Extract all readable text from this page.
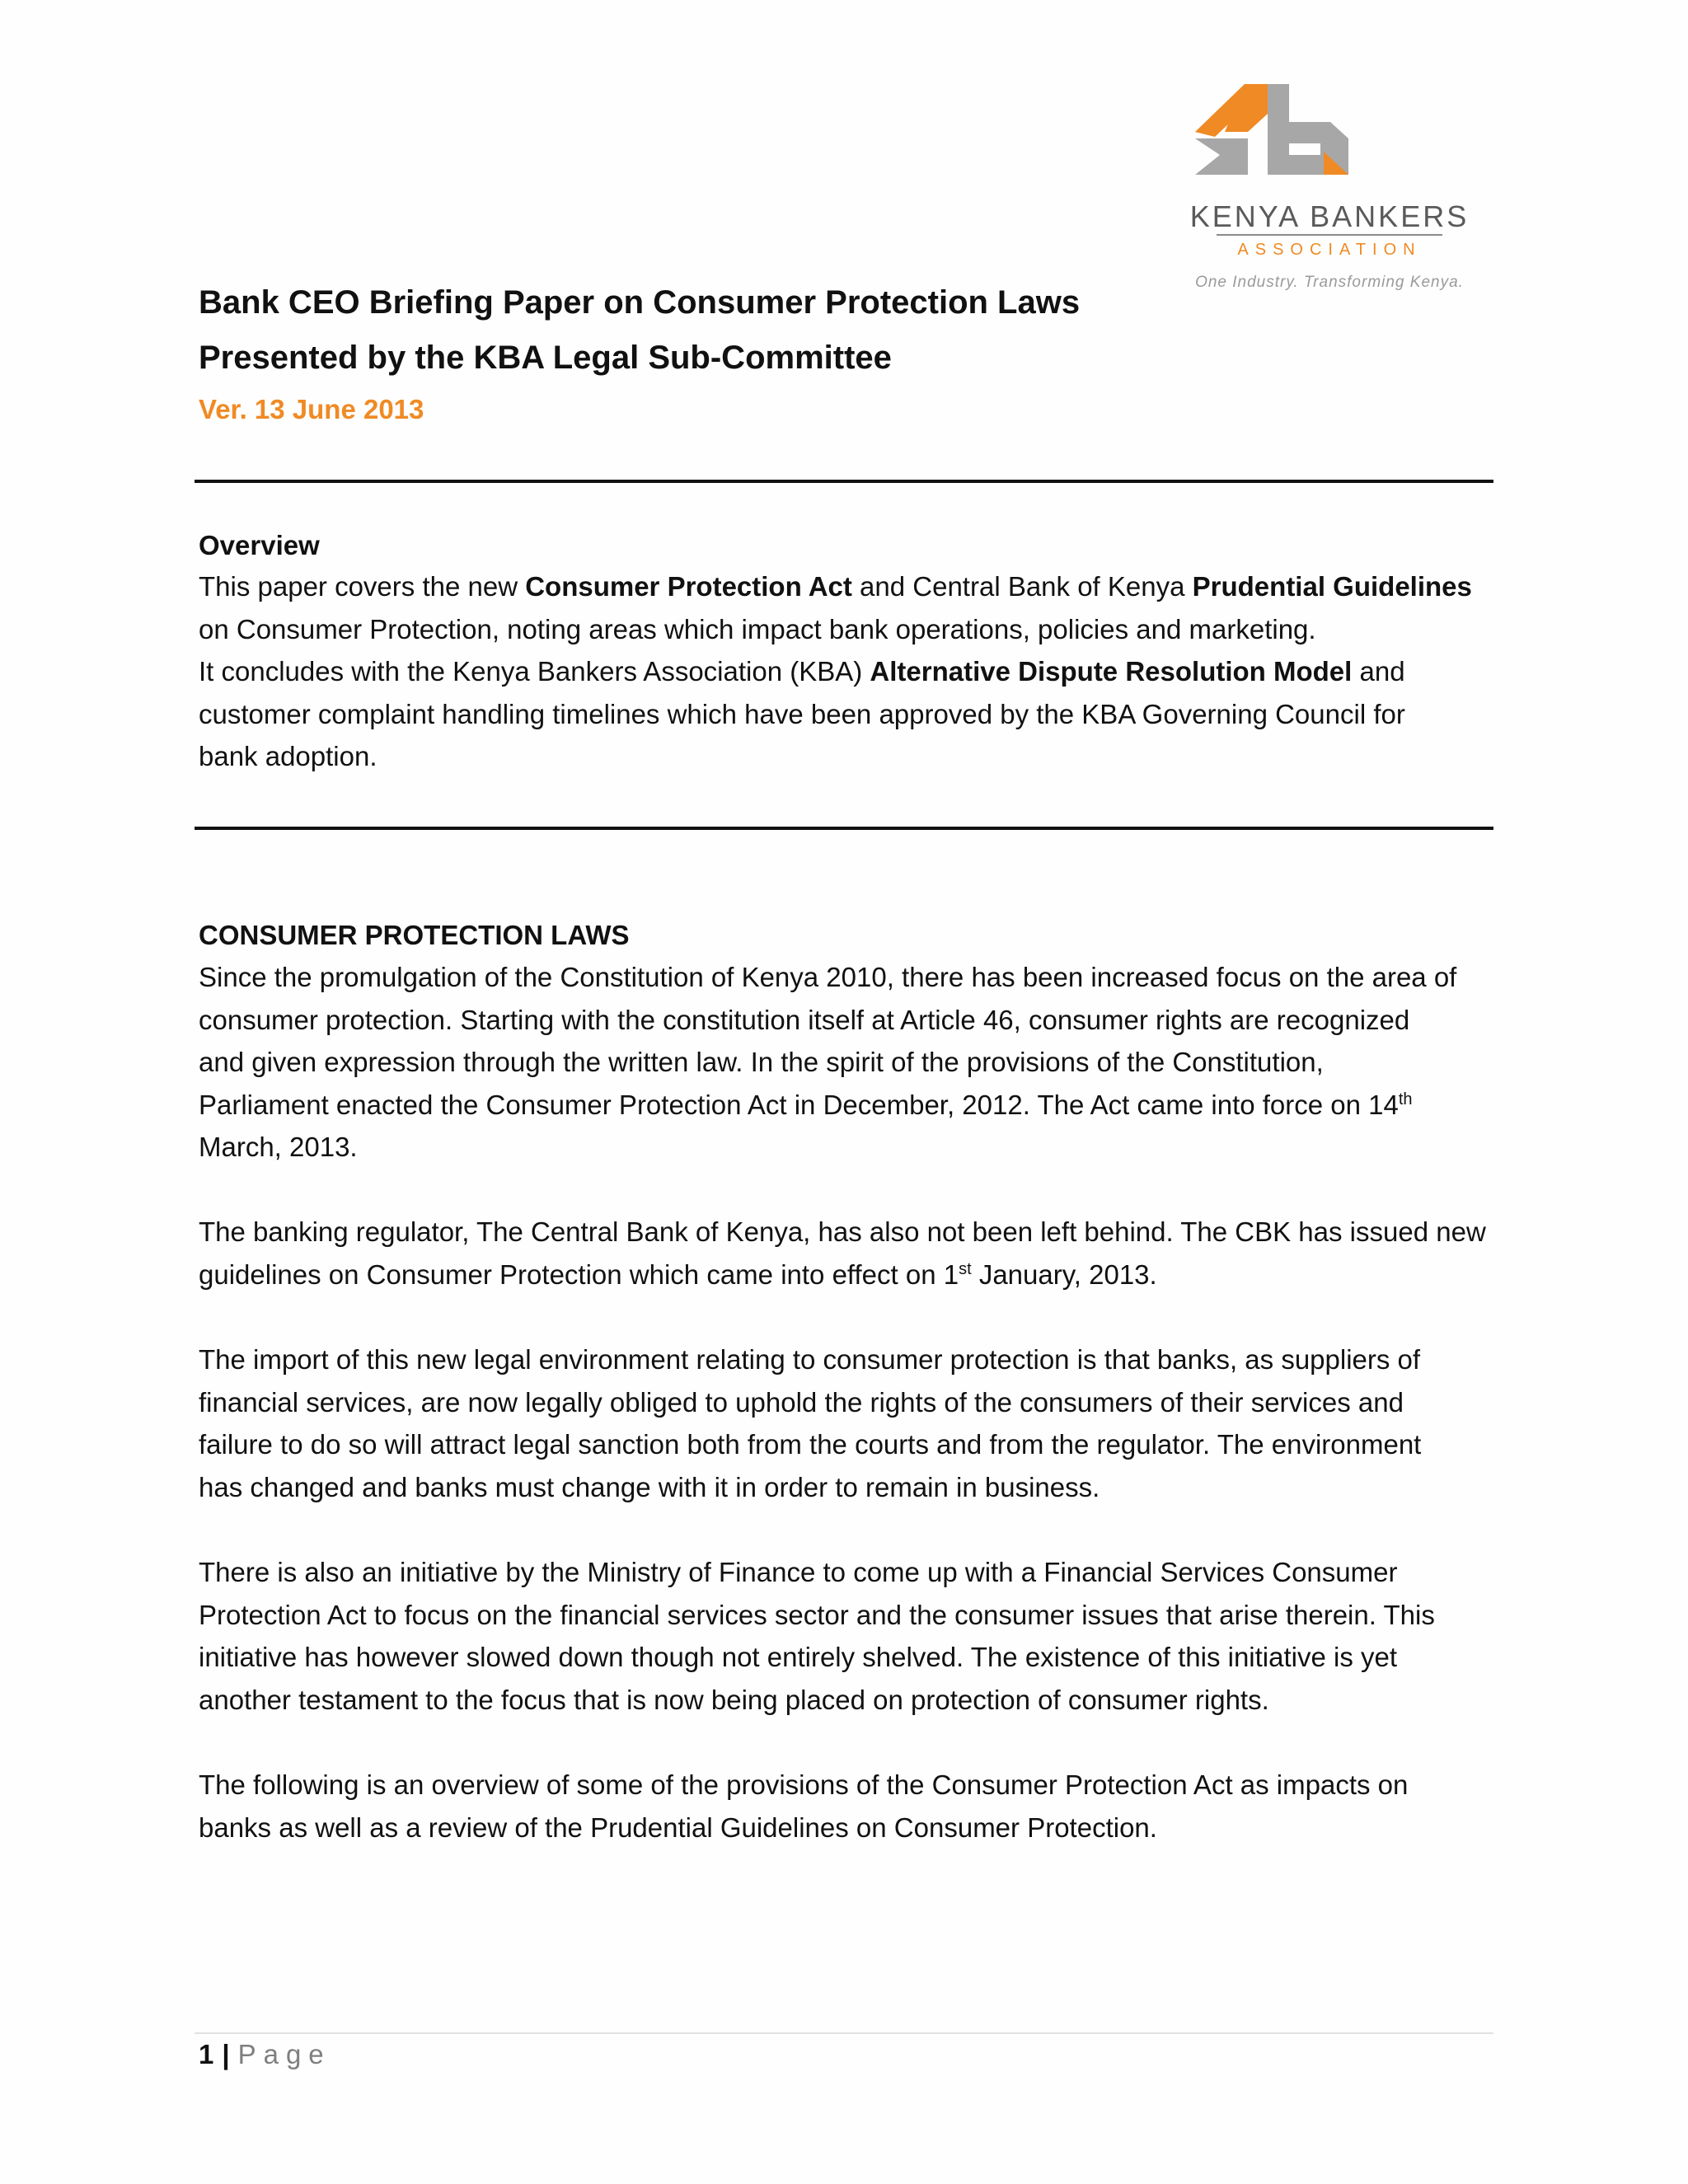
KENYA BANKERS
ASSOCIATION
One Industry. Transforming Kenya.
Bank CEO Briefing Paper on Consumer Protection Laws
Presented by the KBA Legal Sub-Committee
Ver. 13 June 2013
Overview
This paper covers the new Consumer Protection Act and Central Bank of Kenya Prudential Guidelines
on Consumer Protection, noting areas which impact bank operations, policies and marketing.
It concludes with the Kenya Bankers Association (KBA) Alternative Dispute Resolution Model and
customer complaint handling timelines which have been approved by the KBA Governing Council for
bank adoption.
CONSUMER PROTECTION LAWS
Since the promulgation of the Constitution of Kenya 2010, there has been increased focus on the area of
consumer protection. Starting with the constitution itself at Article 46, consumer rights are recognized
and given expression through the written law. In the spirit of the provisions of the Constitution,
Parliament enacted the Consumer Protection Act in December, 2012. The Act came into force on 14th
March, 2013.
The banking regulator, The Central Bank of Kenya, has also not been left behind. The CBK has issued new
guidelines on Consumer Protection which came into effect on 1st January, 2013.
The import of this new legal environment relating to consumer protection is that banks, as suppliers of
financial services, are now legally obliged to uphold the rights of the consumers of their services and
failure to do so will attract legal sanction both from the courts and from the regulator. The environment
has changed and banks must change with it in order to remain in business.
There is also an initiative by the Ministry of Finance to come up with a Financial Services Consumer
Protection Act to focus on the financial services sector and the consumer issues that arise therein. This
initiative has however slowed down though not entirely shelved. The existence of this initiative is yet
another testament to the focus that is now being placed on protection of consumer rights.
The following is an overview of some of the provisions of the Consumer Protection Act as impacts on
banks as well as a review of the Prudential Guidelines on Consumer Protection.
1 | Page
